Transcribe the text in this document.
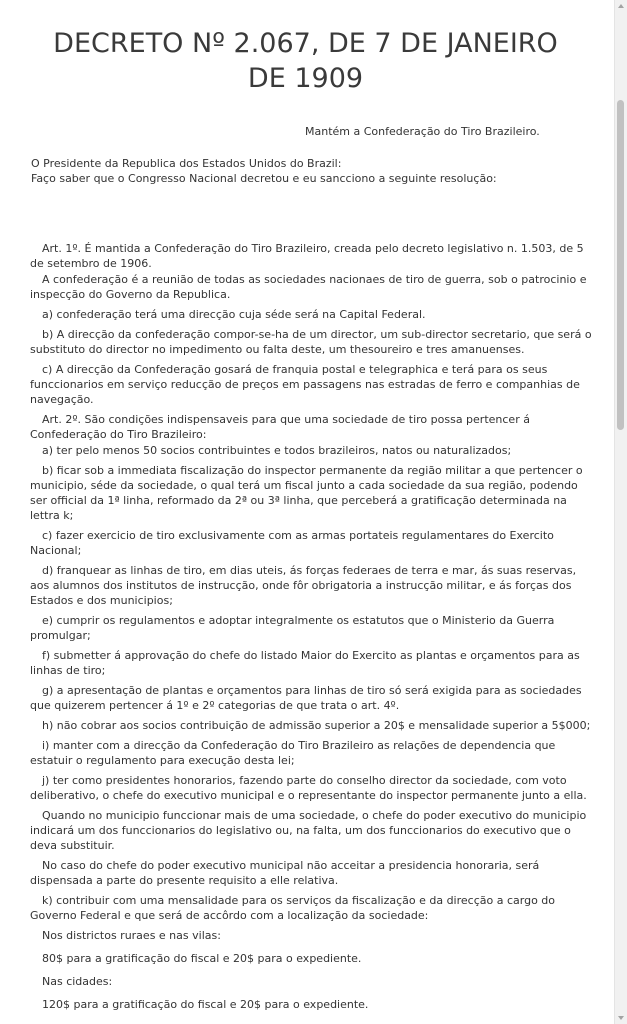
DECRETO Nº 2.067, DE 7 DE JANEIRO DE 1909
Mantém a Confederação do Tiro Brazileiro.

O Presidente da Republica dos Estados Unidos do Brazil:

Faço saber que o Congresso Nacional decretou e eu sancciono a seguinte resolução:

Art. 1º. É mantida a Confederação do Tiro Brazileiro, creada pelo decreto legislativo n. 1.503, de 5 de setembro de 1906.

A confederação é a reunião de todas as sociedades nacionaes de tiro de guerra, sob o patrocinio e inspecção do Governo da Republica.

a) confederação terá uma direcção cuja séde será na Capital Federal.

b) A direcção da confederação compor-se-ha de um director, um sub-director secretario, que será o substituto do director no impedimento ou falta deste, um thesoureiro e tres amanuenses.

c) A direcção da Confederação gosará de franquia postal e telegraphica e terá para os seus funccionarios em serviço reducção de preços em passagens nas estradas de ferro e companhias de navegação.

Art. 2º. São condições indispensaveis para que uma sociedade de tiro possa pertencer á Confederação do Tiro Brazileiro:

a) ter pelo menos 50 socios contribuintes e todos brazileiros, natos ou naturalizados;

b) ficar sob a immediata fiscalização do inspector permanente da região militar a que pertencer o municipio, séde da sociedade, o qual terá um fiscal junto a cada sociedade da sua região, podendo ser official da 1ª linha, reformado da 2ª ou 3ª linha, que perceberá a gratificação determinada na lettra k;

c) fazer exercicio de tiro exclusivamente com as armas portateis regulamentares do Exercito Nacional;

d) franquear as linhas de tiro, em dias uteis, ás forças federaes de terra e mar, ás suas reservas, aos alumnos dos institutos de instrucção, onde fôr obrigatoria a instrucção militar, e ás forças dos Estados e dos municipios;

e) cumprir os regulamentos e adoptar integralmente os estatutos que o Ministerio da Guerra promulgar;

f) submetter á approvação do chefe do listado Maior do Exercito as plantas e orçamentos para as linhas de tiro;

g) a apresentação de plantas e orçamentos para linhas de tiro só será exigida para as sociedades que quizerem pertencer á 1º e 2º categorias de que trata o art. 4º.

h) não cobrar aos socios contribuição de admissão superior a 20$ e mensalidade superior a 5$000;

i) manter com a direcção da Confederação do Tiro Brazileiro as relações de dependencia que estatuir o regulamento para execução desta lei;

j) ter como presidentes honorarios, fazendo parte do conselho director da sociedade, com voto deliberativo, o chefe do executivo municipal e o representante do inspector permanente junto a ella.

Quando no municipio funccionar mais de uma sociedade, o chefe do poder executivo do municipio indicará um dos funccionarios do legislativo ou, na falta, um dos funccionarios do executivo que o deva substituir.

No caso do chefe do poder executivo municipal não acceitar a presidencia honoraria, será dispensada a parte do presente requisito a elle relativa.

k) contribuir com uma mensalidade para os serviços da fiscalização e da direcção a cargo do Governo Federal e que será de accôrdo com a localização da sociedade:

Nos districtos ruraes e nas vilas:

80$ para a gratificação do fiscal e 20$ para o expediente.

Nas cidades:

120$ para a gratificação do fiscal e 20$ para o expediente.
